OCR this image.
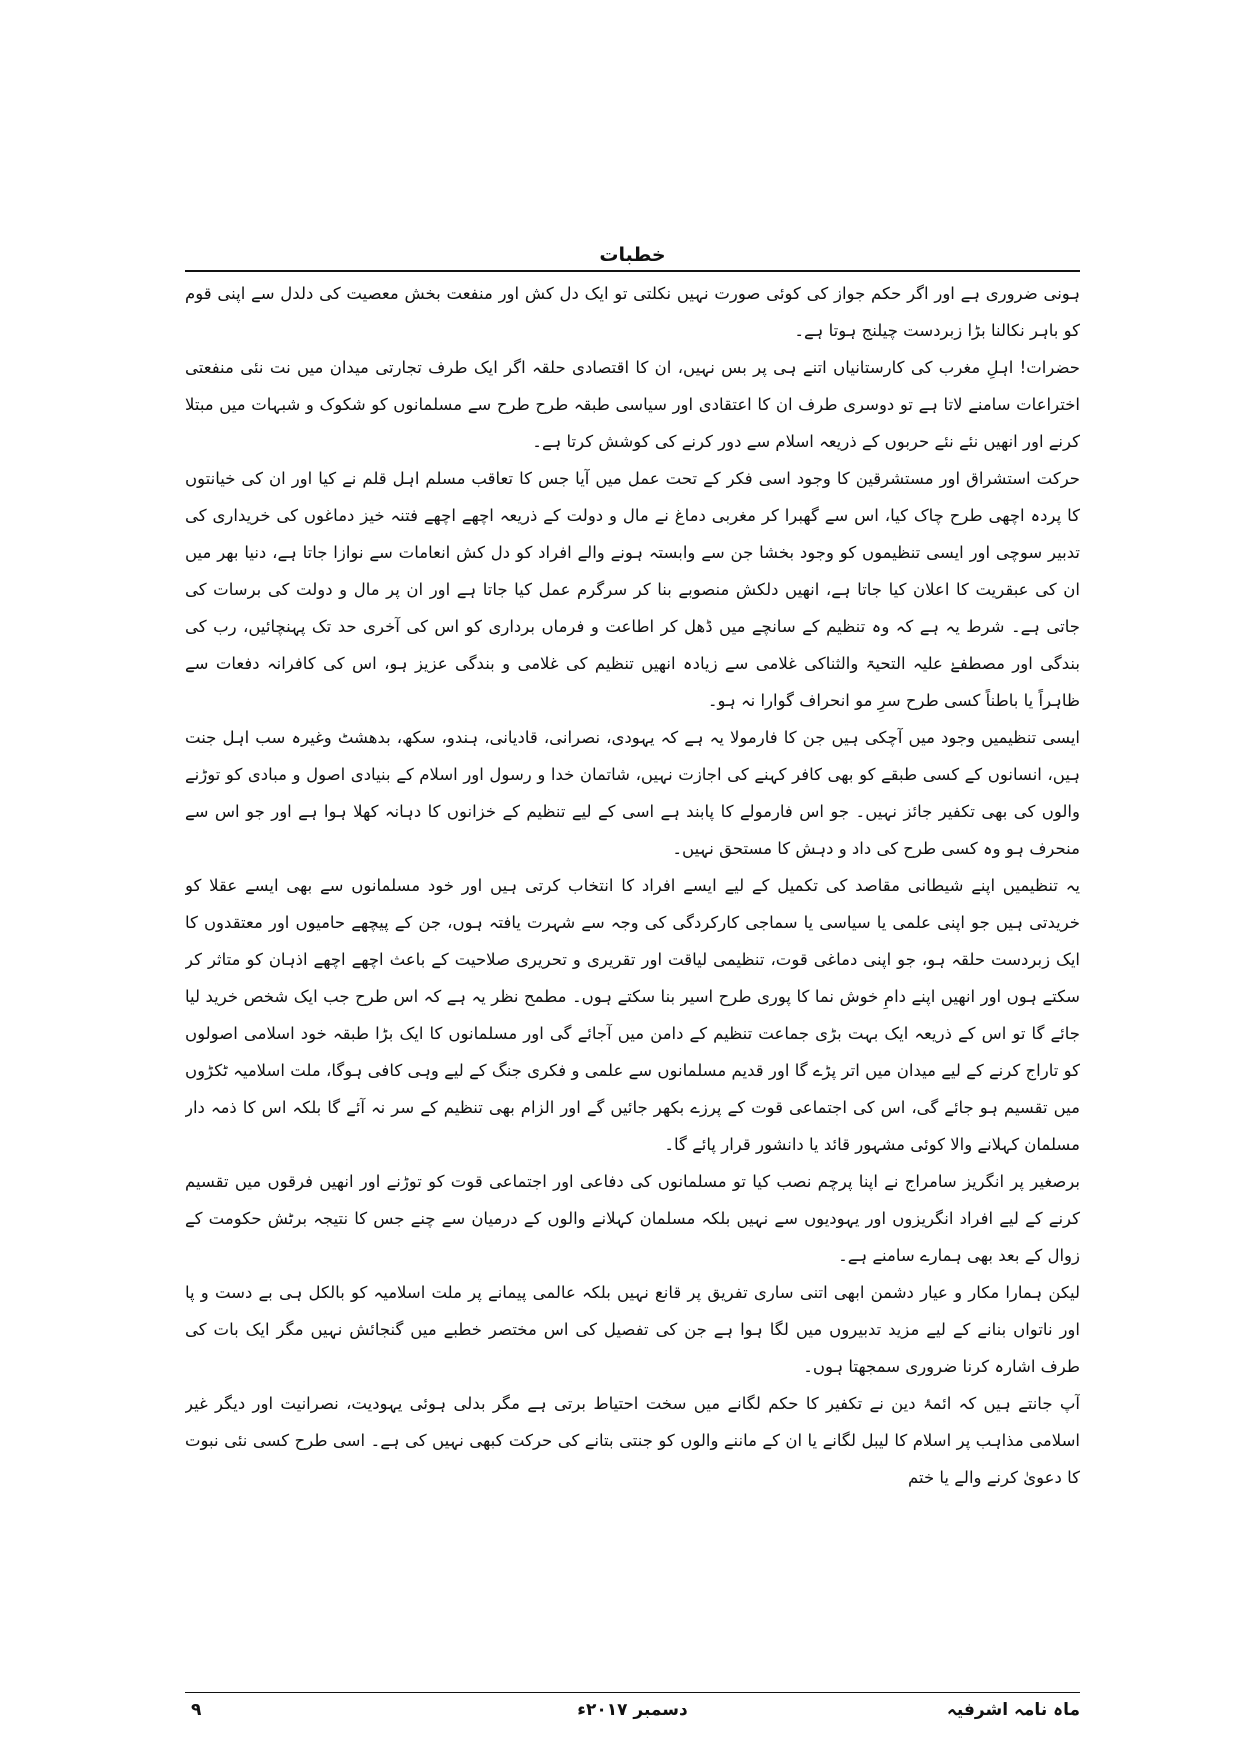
خطبات

ہونی ضروری ہے اور اگر حکم جواز کی کوئی صورت نہیں نکلتی تو ایک دل کش اور منفعت بخش معصیت کی دلدل سے اپنی قوم کو باہر نکالنا بڑا زبردست چیلنج ہوتا ہے۔

حضرات! اہلِ مغرب کی کارستانیاں اتنے ہی پر بس نہیں، ان کا اقتصادی حلقہ اگر ایک طرف تجارتی میدان میں نت نئی منفعتی اختراعات سامنے لاتا ہے تو دوسری طرف ان کا اعتقادی اور سیاسی طبقہ طرح طرح سے مسلمانوں کو شکوک و شبہات میں مبتلا کرنے اور انھیں نئے نئے حربوں کے ذریعہ اسلام سے دور کرنے کی کوشش کرتا ہے۔

حرکت استشراق اور مستشرقین کا وجود اسی فکر کے تحت عمل میں آیا جس کا تعاقب مسلم اہل قلم نے کیا اور ان کی خیانتوں کا پردہ اچھی طرح چاک کیا، اس سے گھبرا کر مغربی دماغ نے مال و دولت کے ذریعہ اچھے اچھے فتنہ خیز دماغوں کی خریداری کی تدبیر سوچی اور ایسی تنظیموں کو وجود بخشا جن سے وابستہ ہونے والے افراد کو دل کش انعامات سے نوازا جاتا ہے، دنیا بھر میں ان کی عبقریت کا اعلان کیا جاتا ہے، انھیں دلکش منصوبے بنا کر سرگرم عمل کیا جاتا ہے اور ان پر مال و دولت کی برسات کی جاتی ہے۔ شرط یہ ہے کہ وہ تنظیم کے سانچے میں ڈھل کر اطاعت و فرماں برداری کو اس کی آخری حد تک پہنچائیں، رب کی بندگی اور مصطفےٰ علیہ التحیۃ والثناکی غلامی سے زیادہ انھیں تنظیم کی غلامی و بندگی عزیز ہو، اس کی کافرانہ دفعات سے ظاہراً یا باطناً کسی طرح سرِ مو انحراف گوارا نہ ہو۔

ایسی تنظیمیں وجود میں آچکی ہیں جن کا فارمولا یہ ہے کہ یہودی، نصرانی، قادیانی، ہندو، سکھ، بدھشٹ وغیرہ سب اہل جنت ہیں، انسانوں کے کسی طبقے کو بھی کافر کہنے کی اجازت نہیں، شاتمان خدا و رسول اور اسلام کے بنیادی اصول و مبادی کو توڑنے والوں کی بھی تکفیر جائز نہیں۔ جو اس فارمولے کا پابند ہے اسی کے لیے تنظیم کے خزانوں کا دہانہ کھلا ہوا ہے اور جو اس سے منحرف ہو وہ کسی طرح کی داد و دہش کا مستحق نہیں۔

یہ تنظیمیں اپنے شیطانی مقاصد کی تکمیل کے لیے ایسے افراد کا انتخاب کرتی ہیں اور خود مسلمانوں سے بھی ایسے عقلا کو خریدتی ہیں جو اپنی علمی یا سیاسی یا سماجی کارکردگی کی وجہ سے شہرت یافتہ ہوں، جن کے پیچھے حامیوں اور معتقدوں کا ایک زبردست حلقہ ہو، جو اپنی دماغی قوت، تنظیمی لیاقت اور تقریری و تحریری صلاحیت کے باعث اچھے اچھے اذہان کو متاثر کر سکتے ہوں اور انھیں اپنے دامِ خوش نما کا پوری طرح اسیر بنا سکتے ہوں۔ مطمح نظر یہ ہے کہ اس طرح جب ایک شخص خرید لیا جائے گا تو اس کے ذریعہ ایک بہت بڑی جماعت تنظیم کے دامن میں آجائے گی اور مسلمانوں کا ایک بڑا طبقہ خود اسلامی اصولوں کو تاراج کرنے کے لیے میدان میں اتر پڑے گا اور قدیم مسلمانوں سے علمی و فکری جنگ کے لیے وہی کافی ہوگا، ملت اسلامیہ ٹکڑوں میں تقسیم ہو جائے گی، اس کی اجتماعی قوت کے پرزے بکھر جائیں گے اور الزام بھی تنظیم کے سر نہ آئے گا بلکہ اس کا ذمہ دار مسلمان کہلانے والا کوئی مشہور قائد یا دانشور قرار پائے گا۔

برصغیر پر انگریز سامراج نے اپنا پرچم نصب کیا تو مسلمانوں کی دفاعی اور اجتماعی قوت کو توڑنے اور انھیں فرقوں میں تقسیم کرنے کے لیے افراد انگریزوں اور یہودیوں سے نہیں بلکہ مسلمان کہلانے والوں کے درمیان سے چنے جس کا نتیجہ برٹش حکومت کے زوال کے بعد بھی ہمارے سامنے ہے۔

لیکن ہمارا مکار و عیار دشمن ابھی اتنی ساری تفریق پر قانع نہیں بلکہ عالمی پیمانے پر ملت اسلامیہ کو بالکل ہی بے دست و پا اور ناتواں بنانے کے لیے مزید تدبیروں میں لگا ہوا ہے جن کی تفصیل کی اس مختصر خطبے میں گنجائش نہیں مگر ایک بات کی طرف اشارہ کرنا ضروری سمجھتا ہوں۔

آپ جانتے ہیں کہ ائمۂ دین نے تکفیر کا حکم لگانے میں سخت احتیاط برتی ہے مگر بدلی ہوئی یہودیت، نصرانیت اور دیگر غیر اسلامی مذاہب پر اسلام کا لیبل لگانے یا ان کے ماننے والوں کو جنتی بتانے کی حرکت کبھی نہیں کی ہے۔ اسی طرح کسی نئی نبوت کا دعویٰ کرنے والے یا ختم

۹	دسمبر ۲۰۱۷ء	ماہ نامہ اشرفیہ
